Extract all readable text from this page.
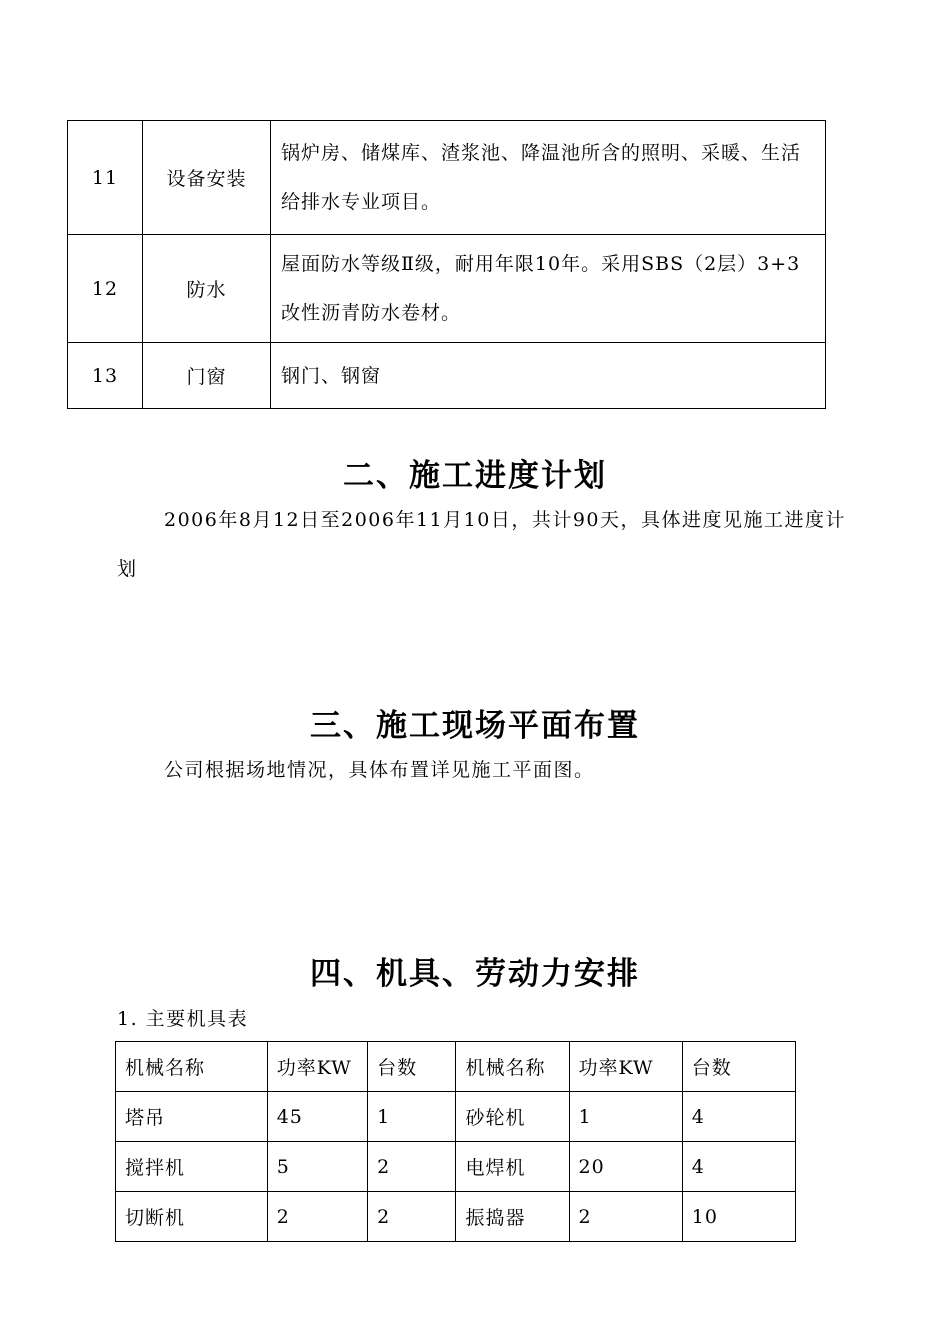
11	设备安装	锅炉房、储煤库、渣浆池、降温池所含的照明、采暖、生活给排水专业项目。
12	防水	屋面防水等级Ⅱ级，耐用年限10年。采用SBS（2层）3+3改性沥青防水卷材。
13	门窗	钢门、钢窗
二、施工进度计划
2006年8月12日至2006年11月10日，共计90天，具体进度见施工进度计划
三、施工现场平面布置
公司根据场地情况，具体布置详见施工平面图。
四、机具、劳动力安排
1. 主要机具表
机械名称	功率KW	台数	机械名称	功率KW	台数
塔吊	45	1	砂轮机	1	4
搅拌机	5	2	电焊机	20	4
切断机	2	2	振捣器	2	10
